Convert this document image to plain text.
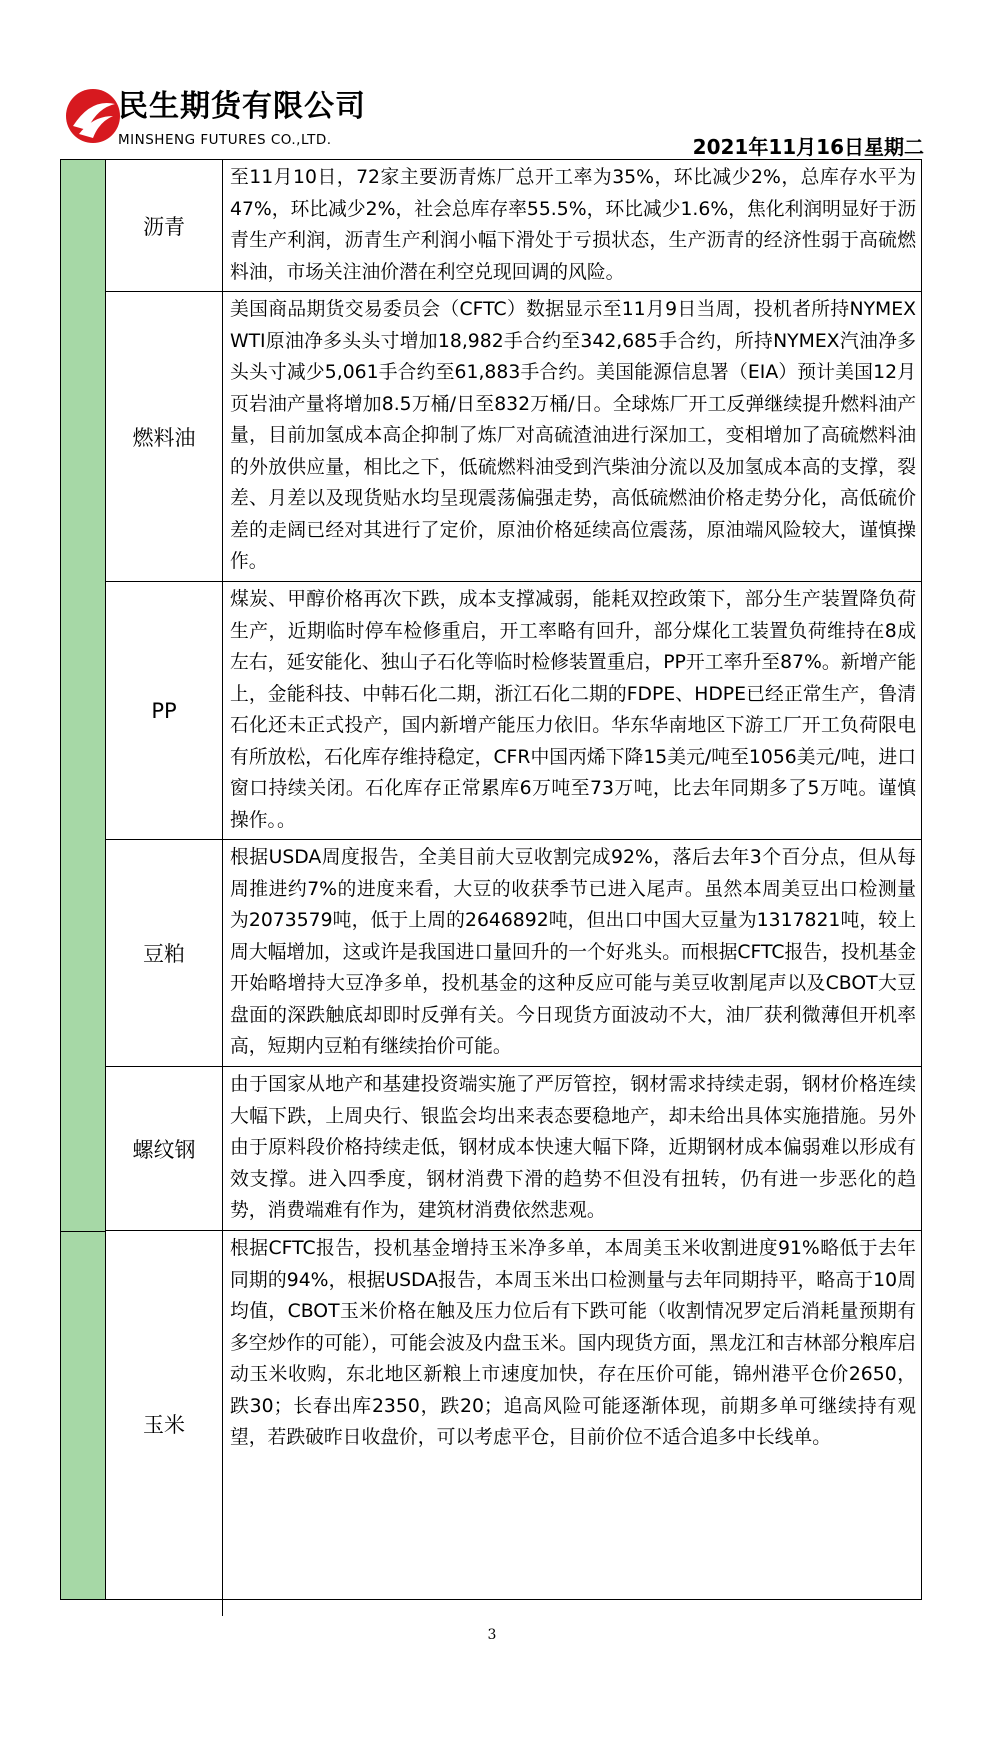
民生期货有限公司
MINSHENG FUTURES CO.,LTD.	2021年11月16日星期二
沥青
至11月10日，72家主要沥青炼厂总开工率为35%，环比减少2%，总库存水平为47%，环比减少2%，社会总库存率55.5%，环比减少1.6%，焦化利润明显好于沥青生产利润，沥青生产利润小幅下滑处于亏损状态，生产沥青的经济性弱于高硫燃料油，市场关注油价潜在利空兑现回调的风险。
燃料油
美国商品期货交易委员会（CFTC）数据显示至11月9日当周，投机者所持NYMEX WTI原油净多头头寸增加18,982手合约至342,685手合约，所持NYMEX汽油净多头头寸减少5,061手合约至61,883手合约。美国能源信息署（EIA）预计美国12月页岩油产量将增加8.5万桶/日至832万桶/日。全球炼厂开工反弹继续提升燃料油产量，目前加氢成本高企抑制了炼厂对高硫渣油进行深加工，变相增加了高硫燃料油的外放供应量，相比之下，低硫燃料油受到汽柴油分流以及加氢成本高的支撑，裂差、月差以及现货贴水均呈现震荡偏强走势，高低硫燃油价格走势分化，高低硫价差的走阔已经对其进行了定价，原油价格延续高位震荡，原油端风险较大，谨慎操作。
PP
煤炭、甲醇价格再次下跌，成本支撑减弱，能耗双控政策下，部分生产装置降负荷生产，近期临时停车检修重启，开工率略有回升，部分煤化工装置负荷维持在8成左右，延安能化、独山子石化等临时检修装置重启，PP开工率升至87%。新增产能上，金能科技、中韩石化二期，浙江石化二期的FDPE、HDPE已经正常生产，鲁清石化还未正式投产，国内新增产能压力依旧。华东华南地区下游工厂开工负荷限电有所放松，石化库存维持稳定，CFR中国丙烯下降15美元/吨至1056美元/吨，进口窗口持续关闭。石化库存正常累库6万吨至73万吨，比去年同期多了5万吨。谨慎操作。。
豆粕
根据USDA周度报告，全美目前大豆收割完成92%，落后去年3个百分点，但从每周推进约7%的进度来看，大豆的收获季节已进入尾声。虽然本周美豆出口检测量为2073579吨，低于上周的2646892吨，但出口中国大豆量为1317821吨，较上周大幅增加，这或许是我国进口量回升的一个好兆头。而根据CFTC报告，投机基金开始略增持大豆净多单，投机基金的这种反应可能与美豆收割尾声以及CBOT大豆盘面的深跌触底却即时反弹有关。今日现货方面波动不大，油厂获利微薄但开机率高，短期内豆粕有继续抬价可能。
螺纹钢
由于国家从地产和基建投资端实施了严厉管控，钢材需求持续走弱，钢材价格连续大幅下跌，上周央行、银监会均出来表态要稳地产，却未给出具体实施措施。另外由于原料段价格持续走低，钢材成本快速大幅下降，近期钢材成本偏弱难以形成有效支撑。进入四季度，钢材消费下滑的趋势不但没有扭转，仍有进一步恶化的趋势，消费端难有作为，建筑材消费依然悲观。
玉米
根据CFTC报告，投机基金增持玉米净多单，本周美玉米收割进度91%略低于去年同期的94%，根据USDA报告，本周玉米出口检测量与去年同期持平，略高于10周均值，CBOT玉米价格在触及压力位后有下跌可能（收割情况罗定后消耗量预期有多空炒作的可能），可能会波及内盘玉米。国内现货方面，黑龙江和吉林部分粮库启动玉米收购，东北地区新粮上市速度加快，存在压价可能，锦州港平仓价2650，跌30；长春出库2350，跌20；追高风险可能逐渐体现，前期多单可继续持有观望，若跌破昨日收盘价，可以考虑平仓，目前价位不适合追多中长线单。
3
